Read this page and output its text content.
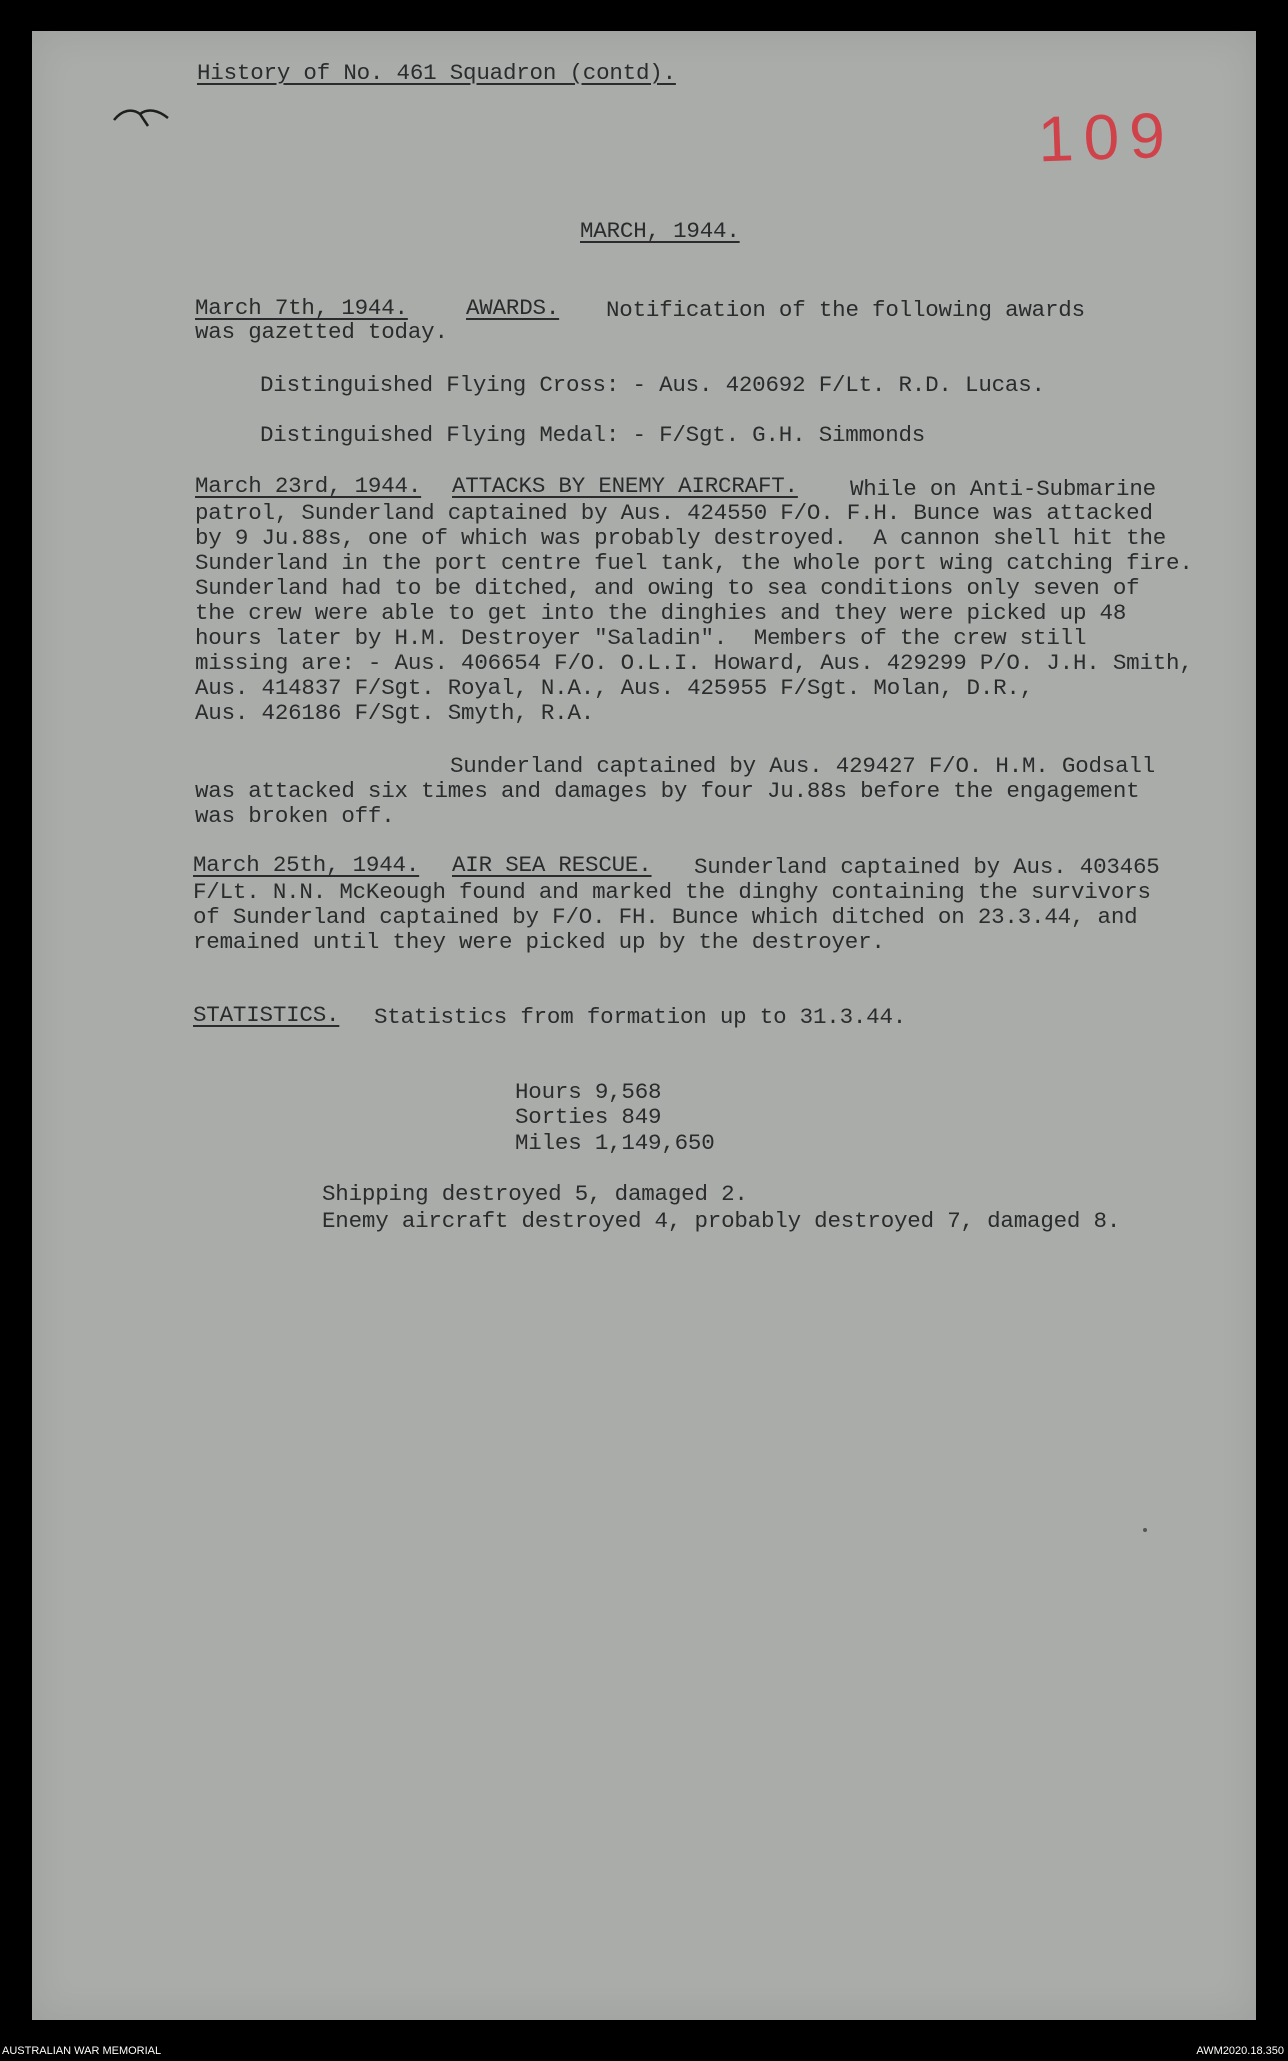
History of No. 461 Squadron (contd).
109
MARCH, 1944.
March 7th, 1944.	AWARDS. Notification of the following awards
was gazetted today.
Distinguished Flying Cross: - Aus. 420692 F/Lt. R.D. Lucas.
Distinguished Flying Medal: - F/Sgt. G.H. Simmonds
March 23rd, 1944. ATTACKS BY ENEMY AIRCRAFT. While on Anti-Submarine
patrol, Sunderland captained by Aus. 424550 F/O. F.H. Bunce was attacked
by 9 Ju.88s, one of which was probably destroyed.  A cannon shell hit the
Sunderland in the port centre fuel tank, the whole port wing catching fire.
Sunderland had to be ditched, and owing to sea conditions only seven of
the crew were able to get into the dinghies and they were picked up 48
hours later by H.M. Destroyer "Saladin".  Members of the crew still
missing are: - Aus. 406654 F/O. O.L.I. Howard, Aus. 429299 P/O. J.H. Smith,
Aus. 414837 F/Sgt. Royal, N.A., Aus. 425955 F/Sgt. Molan, D.R.,
Aus. 426186 F/Sgt. Smyth, R.A.
Sunderland captained by Aus. 429427 F/O. H.M. Godsall
was attacked six times and damages by four Ju.88s before the engagement
was broken off.
March 25th, 1944. AIR SEA RESCUE. Sunderland captained by Aus. 403465
F/Lt. N.N. McKeough found and marked the dinghy containing the survivors
of Sunderland captained by F/O. FH. Bunce which ditched on 23.3.44, and
remained until they were picked up by the destroyer.
STATISTICS. Statistics from formation up to 31.3.44.
Hours 9,568
Sorties 849
Miles 1,149,650
Shipping destroyed 5, damaged 2.
Enemy aircraft destroyed 4, probably destroyed 7, damaged 8.
AUSTRALIAN WAR MEMORIAL	AWM2020.18.350
